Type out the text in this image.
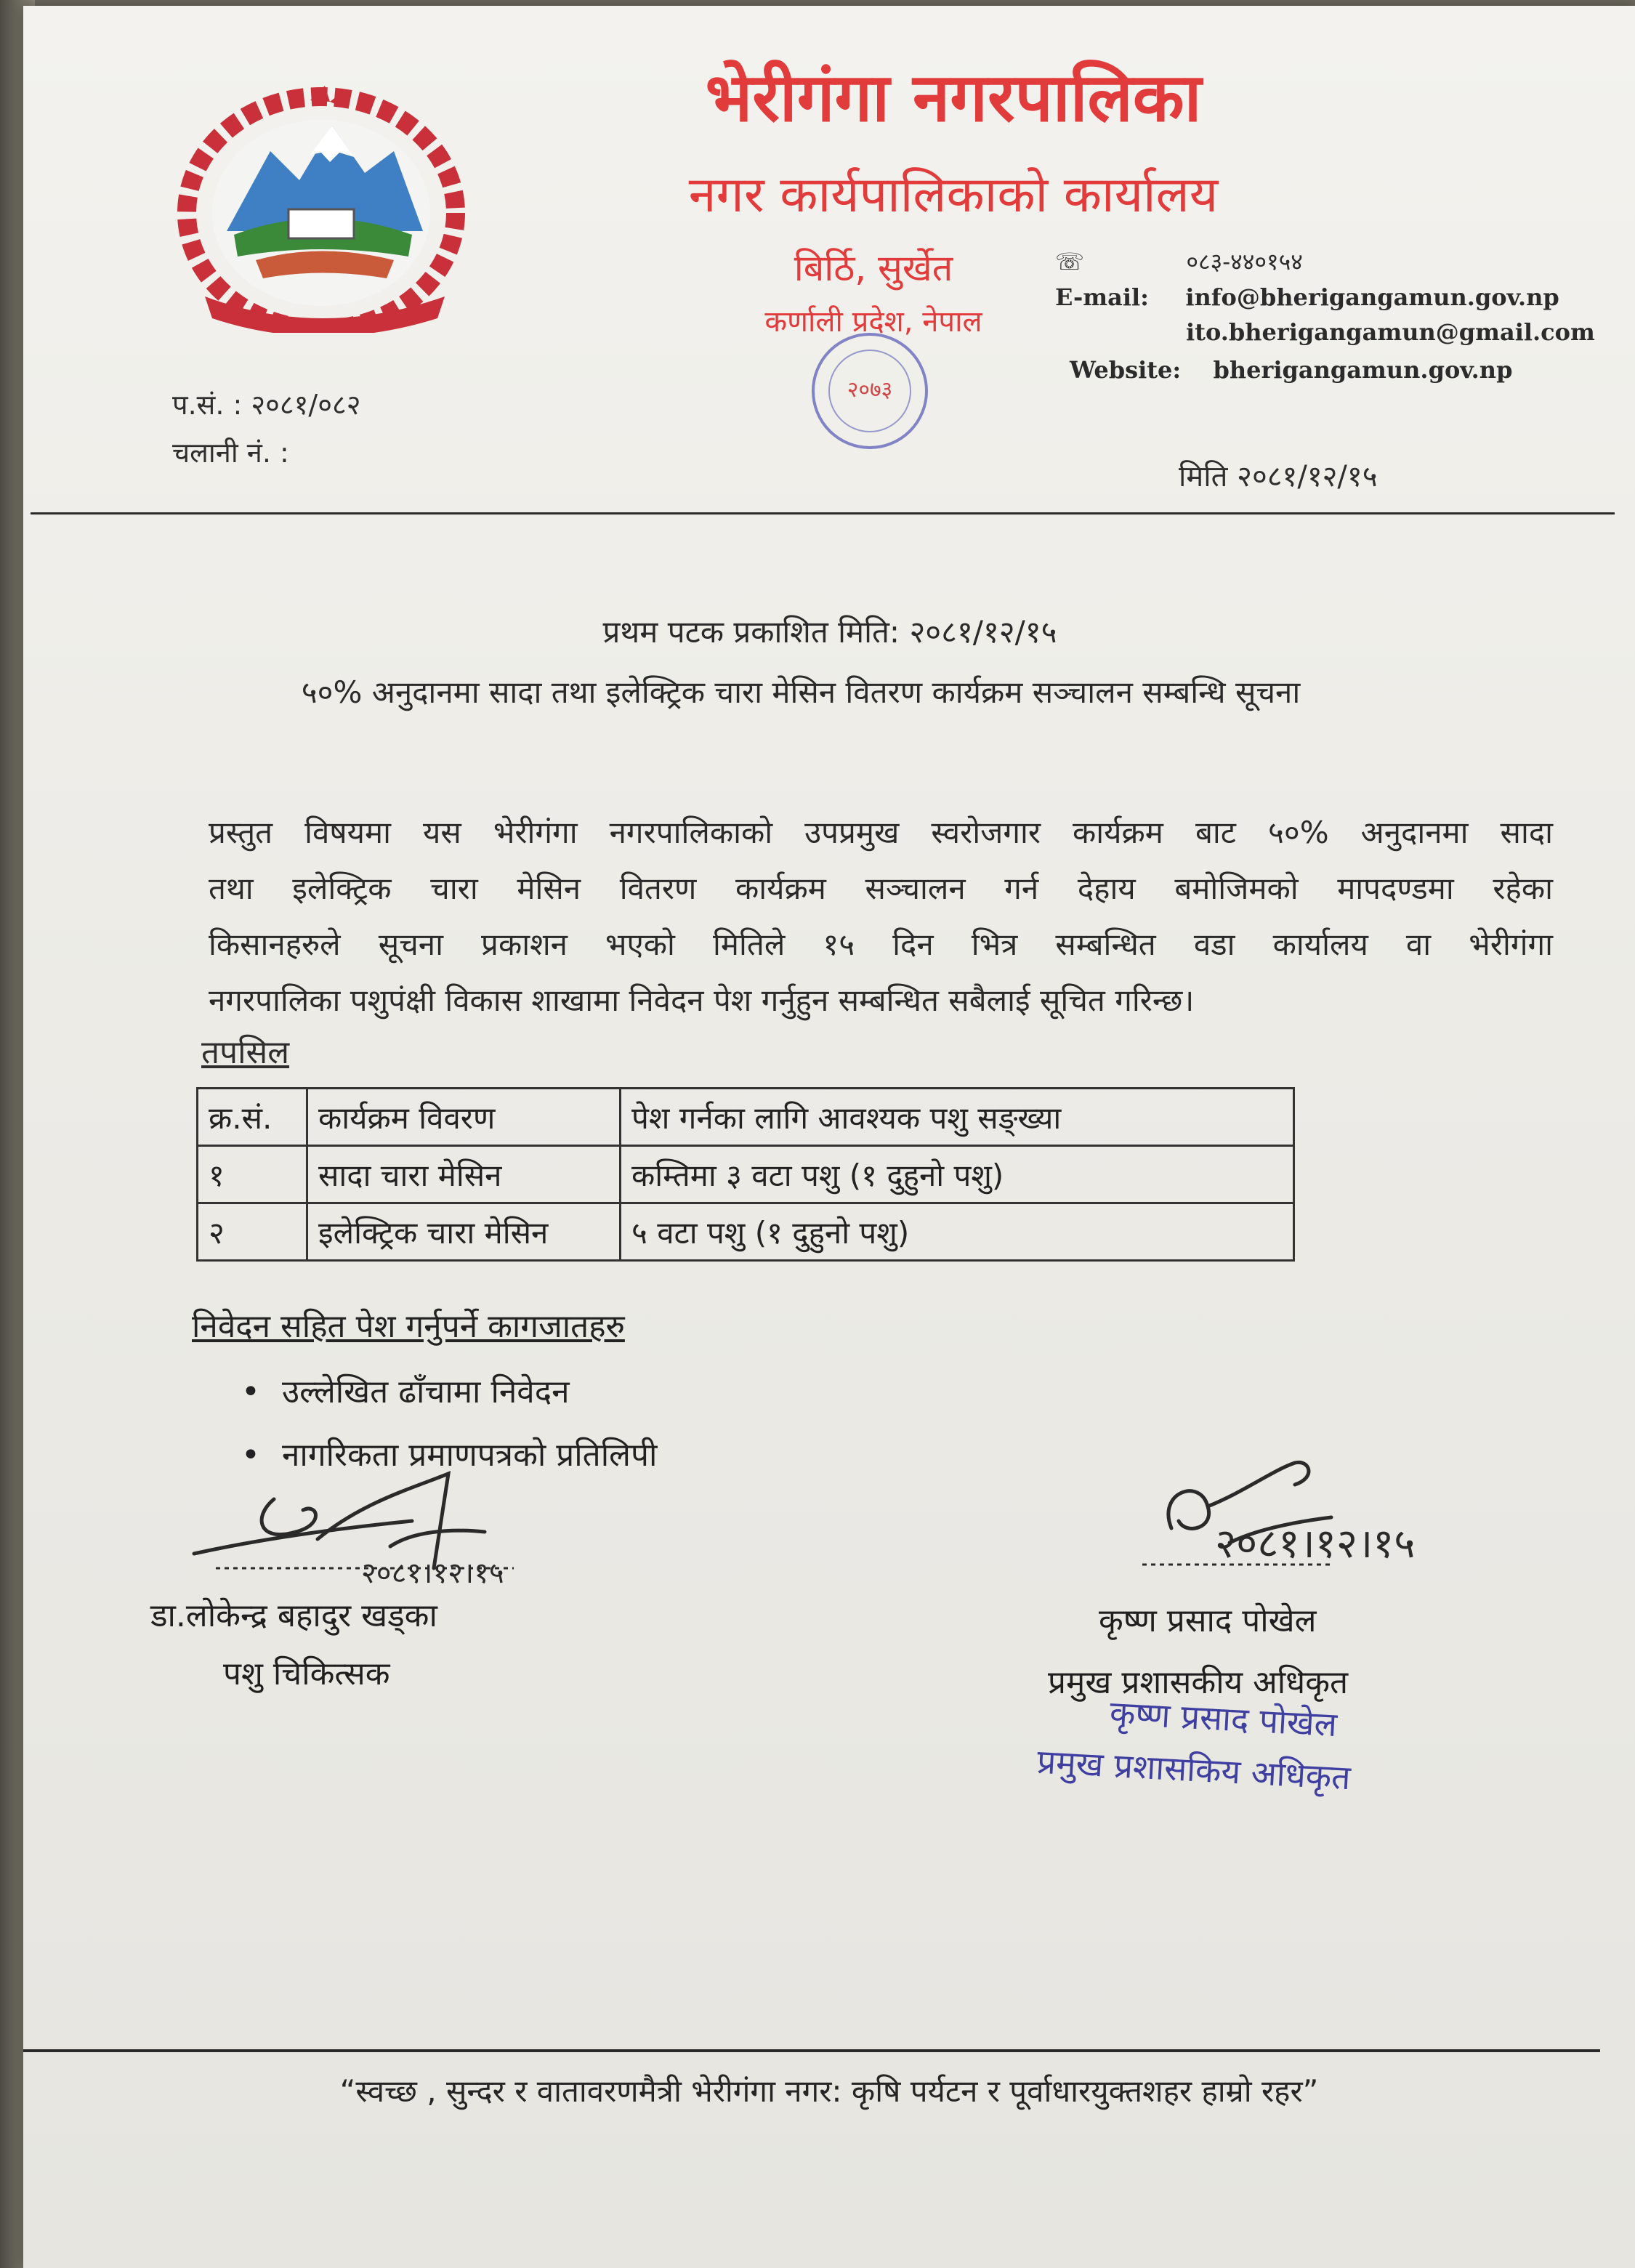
भेरीगंगा नगरपालिका
नगर कार्यपालिकाको कार्यालय
बिर्ठि, सुर्खेत
कर्णाली प्रदेश, नेपाल
२०७३
☏	०८३-४४०१५४
E-mail: info@bherigangamun.gov.np
ito.bherigangamun@gmail.com
Website: bherigangamun.gov.np
प.सं. : २०८१/०८२
चलानी नं. :
मिति २०८१/१२/१५
प्रथम पटक प्रकाशित मिति: २०८१/१२/१५
५०% अनुदानमा सादा तथा इलेक्ट्रिक चारा मेसिन वितरण कार्यक्रम सञ्चालन सम्बन्धि सूचना
प्रस्तुत विषयमा यस भेरीगंगा नगरपालिकाको उपप्रमुख स्वरोजगार कार्यक्रम बाट ५०% अनुदानमा सादा
तथा इलेक्ट्रिक चारा मेसिन वितरण कार्यक्रम सञ्चालन गर्न देहाय बमोजिमको मापदण्डमा रहेका
किसानहरुले सूचना प्रकाशन भएको मितिले १५ दिन भित्र सम्बन्धित वडा कार्यालय वा भेरीगंगा
नगरपालिका पशुपंक्षी विकास शाखामा निवेदन पेश गर्नुहुन सम्बन्धित सबैलाई सूचित गरिन्छ।
तपसिल
क्र.सं.	कार्यक्रम विवरण	पेश गर्नका लागि आवश्यक पशु सङ्ख्या
१	सादा चारा मेसिन	कम्तिमा ३ वटा पशु (१ दुहुनो पशु)
२	इलेक्ट्रिक चारा मेसिन	५ वटा पशु (१ दुहुनो पशु)
निवेदन सहित पेश गर्नुपर्ने कागजातहरु
• उल्लेखित ढाँचामा निवेदन
• नागरिकता प्रमाणपत्रको प्रतिलिपी
२०८१।१२।१५
डा.लोकेन्द्र बहादुर खड्का
पशु चिकित्सक
२०८१।१२।१५
कृष्ण प्रसाद पोखेल
प्रमुख प्रशासकीय अधिकृत
कृष्ण प्रसाद पोखेल
प्रमुख प्रशासकिय अधिकृत
“स्वच्छ , सुन्दर र वातावरणमैत्री भेरीगंगा नगर: कृषि पर्यटन र पूर्वाधारयुक्तशहर हाम्रो रहर”
